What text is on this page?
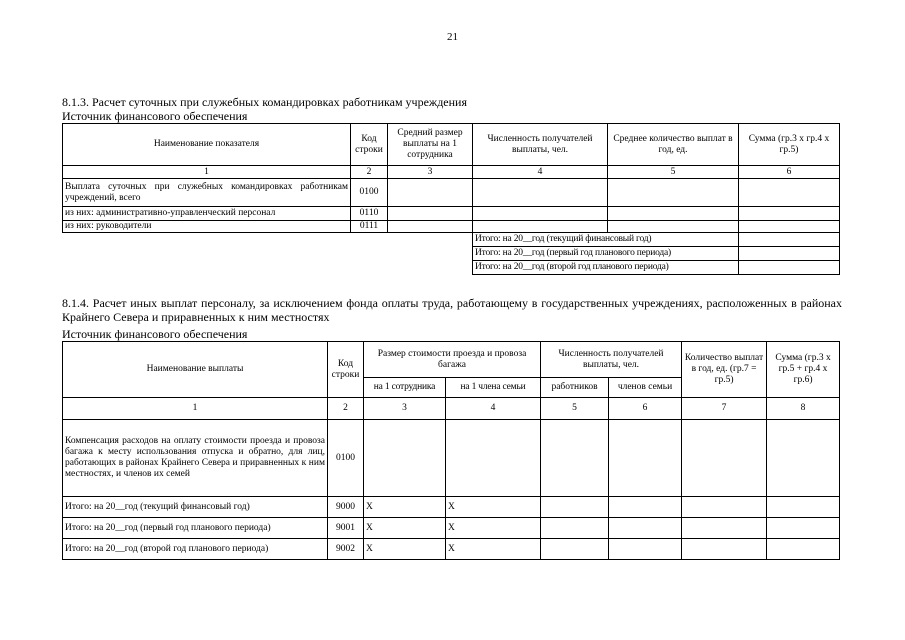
21
8.1.3. Расчет суточных при служебных командировках работникам учреждения
Источник финансового обеспечения
Наименование показателя	Код строки	Средний размер выплаты на 1 сотрудника	Численность получателей выплаты, чел.	Среднее количество выплат в год, ед.	Сумма (гр.3 х гр.4 х гр.5)
1	2	3	4	5	6
Выплата суточных при служебных командировках работникам учреждений, всего	0100				
из них: административно-управленческий персонал	0110				
из них: руководители	0111				
			Итого: на 20__год (текущий финансовый год)		
			Итого: на 20__год (первый год планового периода)		
			Итого: на 20__год (второй год планового периода)		
8.1.4. Расчет иных выплат персоналу, за исключением фонда оплаты труда, работающему в государственных учреждениях, расположенных в районах Крайнего Севера и приравненных к ним местностях
Источник финансового обеспечения
Наименование выплаты	Код строки	Размер стоимости проезда и провоза багажа		Численность получателей выплаты, чел.		Количество выплат в год, ед. (гр.7 = гр.5)	Сумма (гр.3 х гр.5 + гр.4 х гр.6)
		на 1 сотрудника	на 1 члена семьи	работников	членов семьи		
1	2	3	4	5	6	7	8
Компенсация расходов на оплату стоимости проезда и провоза багажа к месту использования отпуска и обратно, для лиц, работающих в районах Крайнего Севера и приравненных к ним местностях, и членов их семей	0100						
Итого: на 20__год (текущий финансовый год)	9000	X	X				
Итого: на 20__год (первый год планового периода)	9001	X	X				
Итого: на 20__год (второй год планового периода)	9002	X	X				
